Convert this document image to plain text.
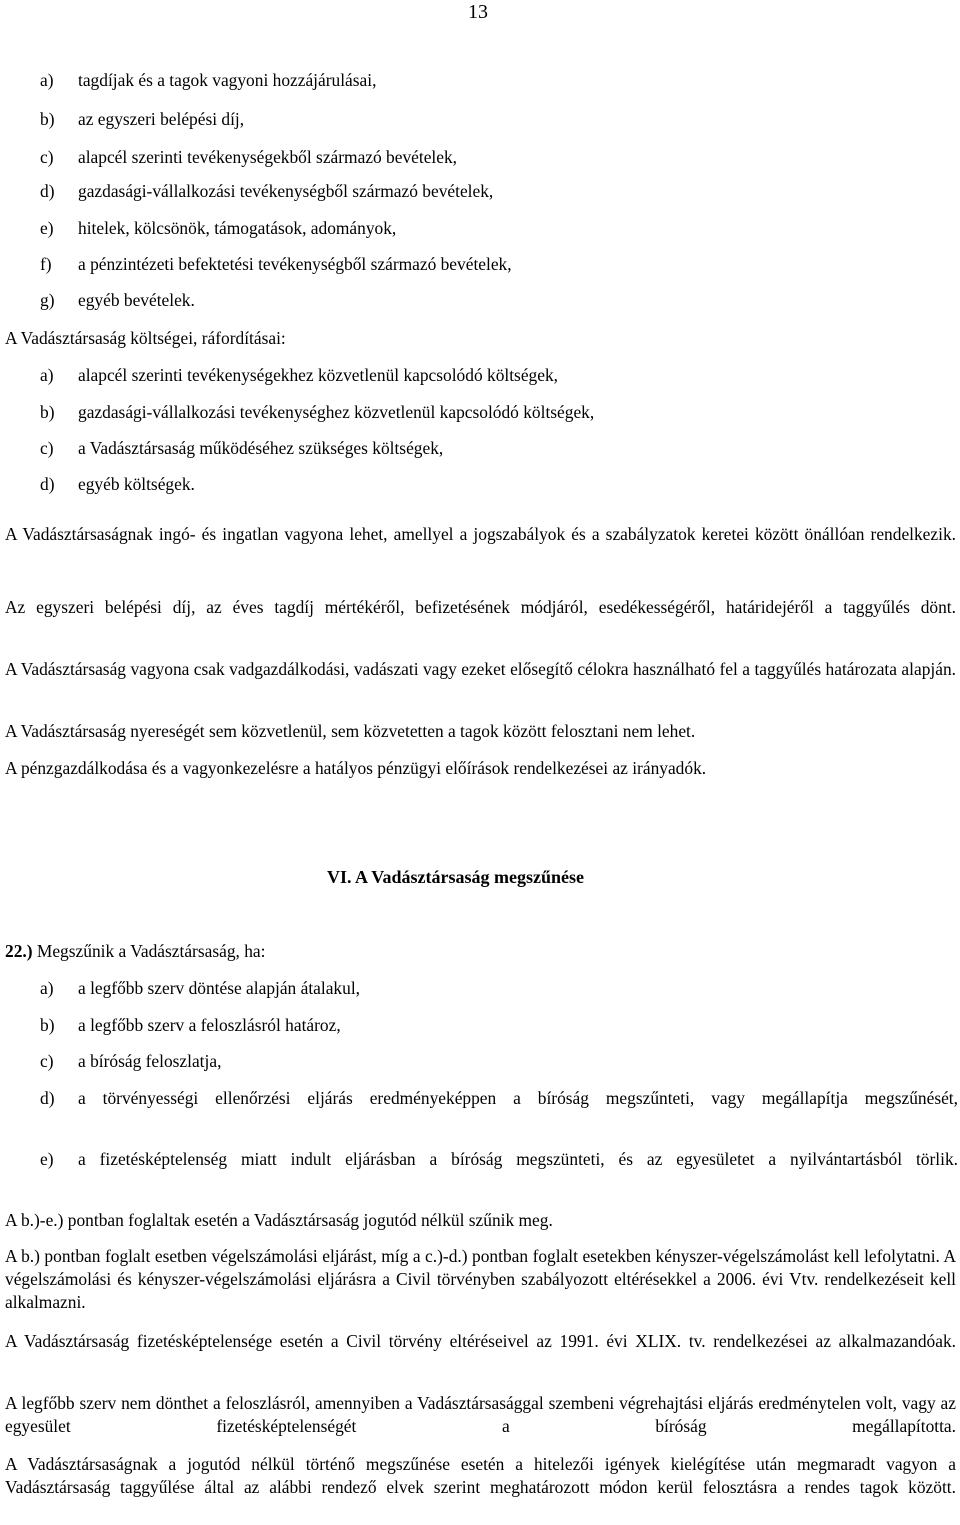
13
a) tagdíjak és a tagok vagyoni hozzájárulásai,
b) az egyszeri belépési díj,
c) alapcél szerinti tevékenységekből származó bevételek,
d) gazdasági-vállalkozási tevékenységből származó bevételek,
e) hitelek, kölcsönök, támogatások, adományok,
f) a pénzintézeti befektetési tevékenységből származó bevételek,
g) egyéb bevételek.
A Vadásztársaság költségei, ráfordításai:
a) alapcél szerinti tevékenységekhez közvetlenül kapcsolódó költségek,
b) gazdasági-vállalkozási tevékenységhez közvetlenül kapcsolódó költségek,
c) a Vadásztársaság működéséhez szükséges költségek,
d) egyéb költségek.
A Vadásztársaságnak ingó- és ingatlan vagyona lehet, amellyel a jogszabályok és a szabályzatok keretei között önállóan rendelkezik.
Az egyszeri belépési díj, az éves tagdíj mértékéről, befizetésének módjáról, esedékességéről, határidejéről a taggyűlés dönt.
A Vadásztársaság vagyona csak vadgazdálkodási, vadászati vagy ezeket elősegítő célokra használható fel a taggyűlés határozata alapján.
A Vadásztársaság nyereségét sem közvetlenül, sem közvetetten a tagok között felosztani nem lehet.
A pénzgazdálkodása és a vagyonkezelésre a hatályos pénzügyi előírások rendelkezései az irányadók.
VI. A Vadásztársaság megszűnése
22.) Megszűnik a Vadásztársaság, ha:
a) a legfőbb szerv döntése alapján átalakul,
b) a legfőbb szerv a feloszlásról határoz,
c) a bíróság feloszlatja,
d) a törvényességi ellenőrzési eljárás eredményeképpen a bíróság megszűnteti, vagy megállapítja megszűnését,
e) a fizetésképtelenség miatt indult eljárásban a bíróság megszünteti, és az egyesületet a nyilvántartásból törlik.
A b.)-e.) pontban foglaltak esetén a Vadásztársaság jogutód nélkül szűnik meg.
A b.) pontban foglalt esetben végelszámolási eljárást, míg a c.)-d.) pontban foglalt esetekben kényszer-végelszámolást kell lefolytatni. A végelszámolási és kényszer-végelszámolási eljárásra a Civil törvényben szabályozott eltérésekkel a 2006. évi Vtv. rendelkezéseit kell alkalmazni.
A Vadásztársaság fizetésképtelensége esetén a Civil törvény eltéréseivel az 1991. évi XLIX. tv. rendelkezései az alkalmazandóak.
A legfőbb szerv nem dönthet a feloszlásról, amennyiben a Vadásztársasággal szembeni végrehajtási eljárás eredménytelen volt, vagy az egyesület fizetésképtelenségét a bíróság megállapította.
A Vadásztársaságnak a jogutód nélkül történő megszűnése esetén a hitelezői igények kielégítése után megmaradt vagyon a Vadásztársaság taggyűlése által az alábbi rendező elvek szerint meghatározott módon kerül felosztásra a rendes tagok között.
